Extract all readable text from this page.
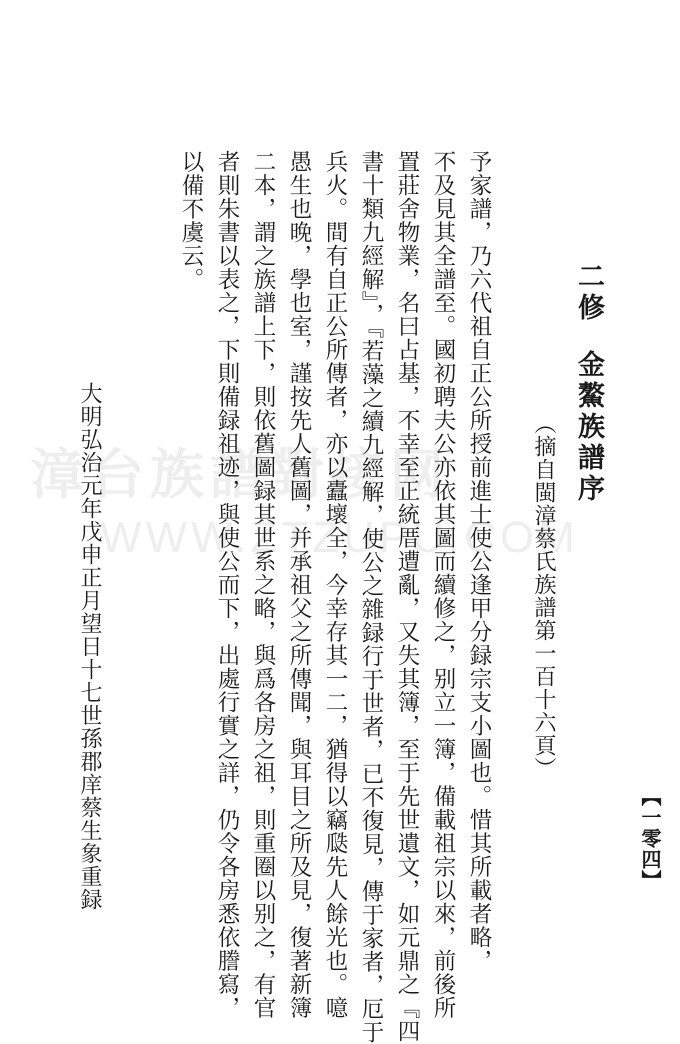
漳台族譜對接网
WWW.ZTZUPU.COM
二修金鰲族譜序
（摘自閩漳蔡氏族譜第一百十六頁）
予家譜，乃六代祖自正公所授前進士使公逢甲分録宗支小圖也。惜其所載者略，
不及見其全譜至。國初聘夫公亦依其圖而續修之，别立一簿，備載祖宗以來，前後所
置莊舍物業，名曰占基，不幸至正統厝遭亂，又失其簿，至于先世遺文，如元鼎之『四
書十類九經解』，『若藻之續九經解，使公之雜録行于世者，已不復見，傳于家者，厄于
兵火。間有自正公所傳者，亦以蠹壞全，今幸存其一二，猶得以竊瓞先人餘光也。噫
愚生也晚，學也室，謹按先人舊圖，并承祖父之所傳聞，與耳目之所及見，復著新簿
二本，謂之族譜上下，則依舊圖録其世系之略，與爲各房之祖，則重圈以别之，有官
者則朱書以表之，下則備録祖迹，與使公而下，出處行實之詳，仍令各房悉依謄寫，
以備不虞云。
大明弘治元年戊申正月望日十七世孫郡庠蔡生象重録	【一零四】
